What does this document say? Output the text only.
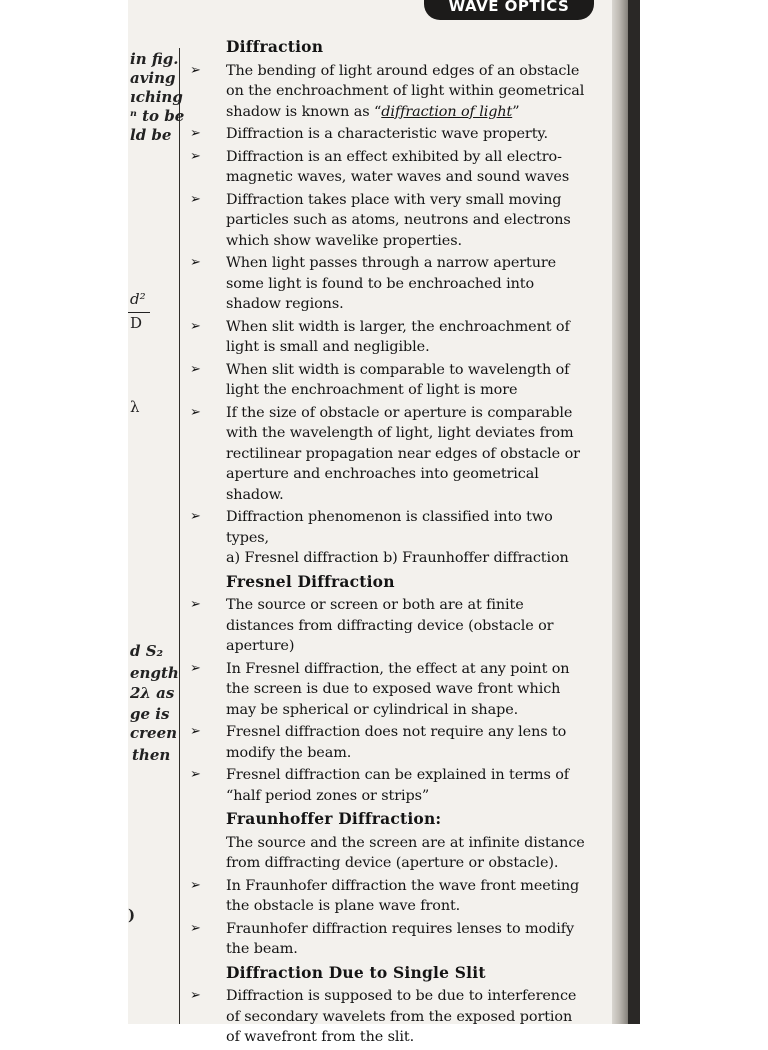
WAVE OPTICS
in fig.
aving
ıching
ⁿ to be
ld be
d²
D
λ
d S₂
ength
2λ as
ge is
creen
then
)
Diffraction
➢ The bending of light around edges of an obstacle on the enchroachment of light within geometrical shadow is known as “diffraction of light”
➢ Diffraction is a characteristic wave property.
➢ Diffraction is an effect exhibited by all electro-magnetic waves, water waves and sound waves
➢ Diffraction takes place with very small moving particles such as atoms, neutrons and electrons which show wavelike properties.
➢ When light passes through a narrow aperture some light is found to be enchroached into shadow regions.
➢ When slit width is larger, the enchroachment of light is small and negligible.
➢ When slit width is comparable to wavelength of light the enchroachment of light is more
➢ If the size of obstacle or aperture is comparable with the wavelength of light, light deviates from rectilinear propagation near edges of obstacle or aperture and enchroaches into geometrical shadow.
➢ Diffraction phenomenon is classified into two types,
a) Fresnel diffraction b) Fraunhoffer diffraction
Fresnel Diffraction
➢ The source or screen or both are at finite distances from diffracting device (obstacle or aperture)
➢ In Fresnel diffraction, the effect at any point on the screen is due to exposed wave front which may be spherical or cylindrical in shape.
➢ Fresnel diffraction does not require any lens to modify the beam.
➢ Fresnel diffraction can be explained in terms of “half period zones or strips”
Fraunhoffer Diffraction:
The source and the screen are at infinite distance from diffracting device (aperture or obstacle).
➢ In Fraunhofer diffraction the wave front meeting the obstacle is plane wave front.
➢ Fraunhofer diffraction requires lenses to modify the beam.
Diffraction Due to Single Slit
➢ Diffraction is supposed to be due to interference of secondary wavelets from the exposed portion of wavefront from the slit.
